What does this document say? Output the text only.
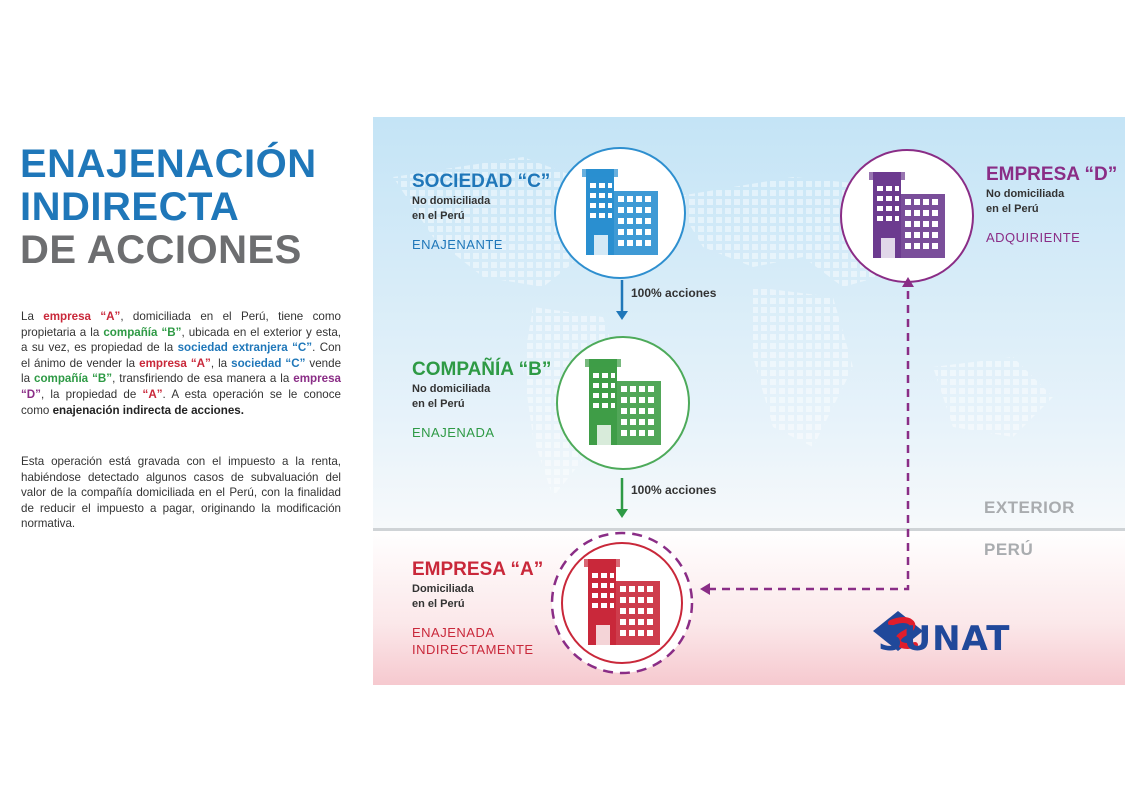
ENAJENACIÓN
INDIRECTA
DE ACCIONES
La empresa “A”, domiciliada en el Perú, tiene como propietaria a la compañía “B”, ubicada en el exterior y esta, a su vez, es propiedad de la sociedad extranjera “C”. Con el ánimo de vender la empresa “A”, la sociedad “C” vende la compañía “B”, transfiriendo de esa manera a la empresa “D”, la propiedad de “A”. A esta operación se le conoce como enajenación indirecta de acciones.
Esta operación está gravada con el impuesto a la renta, habiéndose detectado algunos casos de subvaluación del valor de la compañía domiciliada en el Perú, con la finalidad de reducir el impuesto a pagar, originando la modificación normativa.
SOCIEDAD “C”
No domiciliada
en el Perú
ENAJENANTE
COMPAÑÍA “B”
No domiciliada
en el Perú
ENAJENADA
EMPRESA “D”
No domiciliada
en el Perú
ADQUIRIENTE
EMPRESA “A”
Domiciliada
en el Perú
ENAJENADA
INDIRECTAMENTE
100% acciones
100% acciones
EXTERIOR
PERÚ
SUNAT
